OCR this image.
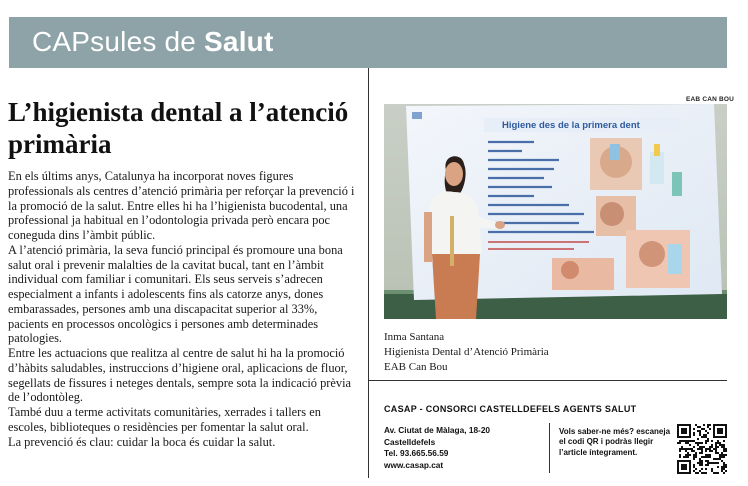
CAPsules de Salut
L’higienista dental a l’atenció primària

En els últims anys, Catalunya ha incorporat noves figures professionals als centres d’atenció primària per reforçar la prevenció i la promoció de la salut. Entre elles hi ha l’higienista bucodental, una professional ja habitual en l’odontologia privada però encara poc coneguda dins l’àmbit públic.

A l’atenció primària, la seva funció principal és promoure una bona salut oral i prevenir malalties de la cavitat bucal, tant en l’àmbit individual com familiar i comunitari. Els seus serveis s’adrecen especialment a infants i adolescents fins als catorze anys, dones embarassades, persones amb una discapacitat superior al 33%, pacients en processos oncològics i persones amb determinades patologies.

Entre les actuacions que realitza al centre de salut hi ha la promoció d’hàbits saludables, instruccions d’higiene oral, aplicacions de fluor, segellats de fissures i neteges dentals, sempre sota la indicació prèvia de l’odontòleg.

També duu a terme activitats comunitàries, xerrades i tallers en escoles, biblioteques o residències per fomentar la salut oral.

La prevenció és clau: cuidar la boca és cuidar la salut.

EAB CAN BOU
Higiene des de la primera dent
Inma Santana
Higienista Dental d’Atenció Primària
EAB Can Bou
CASAP - CONSORCI CASTELLDEFELS AGENTS SALUT
Av. Ciutat de Màlaga, 18-20
Castelldefels
Tel. 93.665.56.59
www.casap.cat
Vols saber-ne més? escaneja el codi QR i podràs llegir l’article íntegrament.
